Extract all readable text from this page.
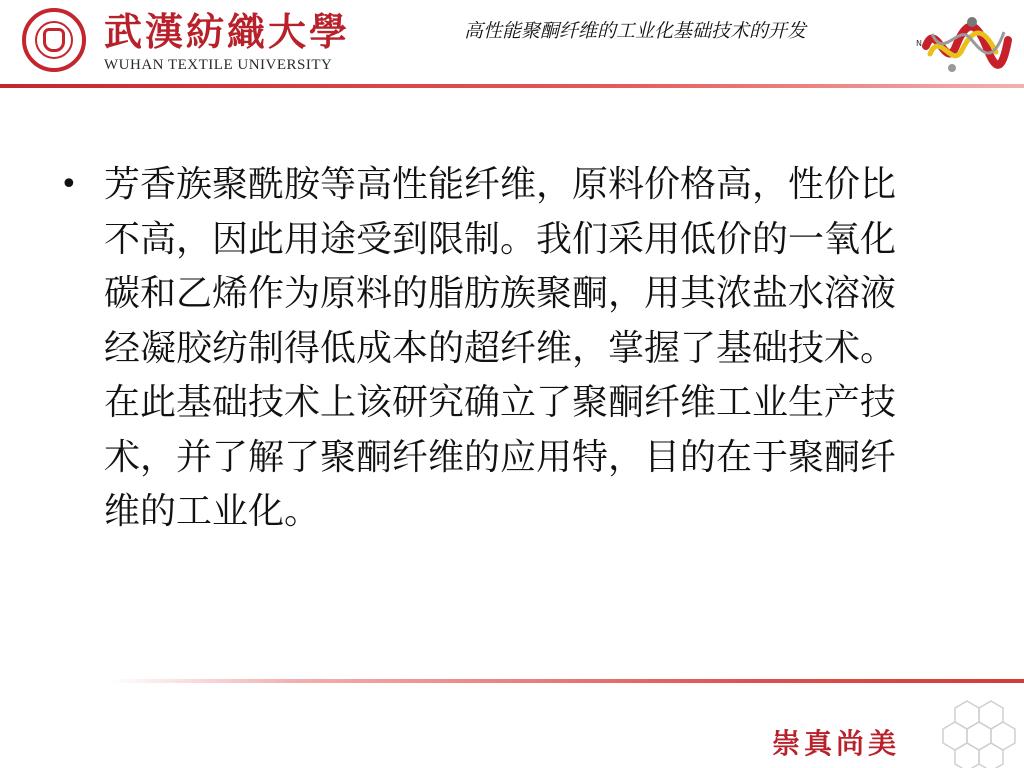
武漢紡織大學
WUHAN TEXTILE UNIVERSITY
高性能聚酮纤维的工业化基础技术的开发
N
• 芳香族聚酰胺等高性能纤维，原料价格高，性价比不高，因此用途受到限制。我们采用低价的一氧化碳和乙烯作为原料的脂肪族聚酮，用其浓盐水溶液经凝胶纺制得低成本的超纤维，掌握了基础技术。在此基础技术上该研究确立了聚酮纤维工业生产技术，并了解了聚酮纤维的应用特，目的在于聚酮纤维的工业化。
崇真尚美
